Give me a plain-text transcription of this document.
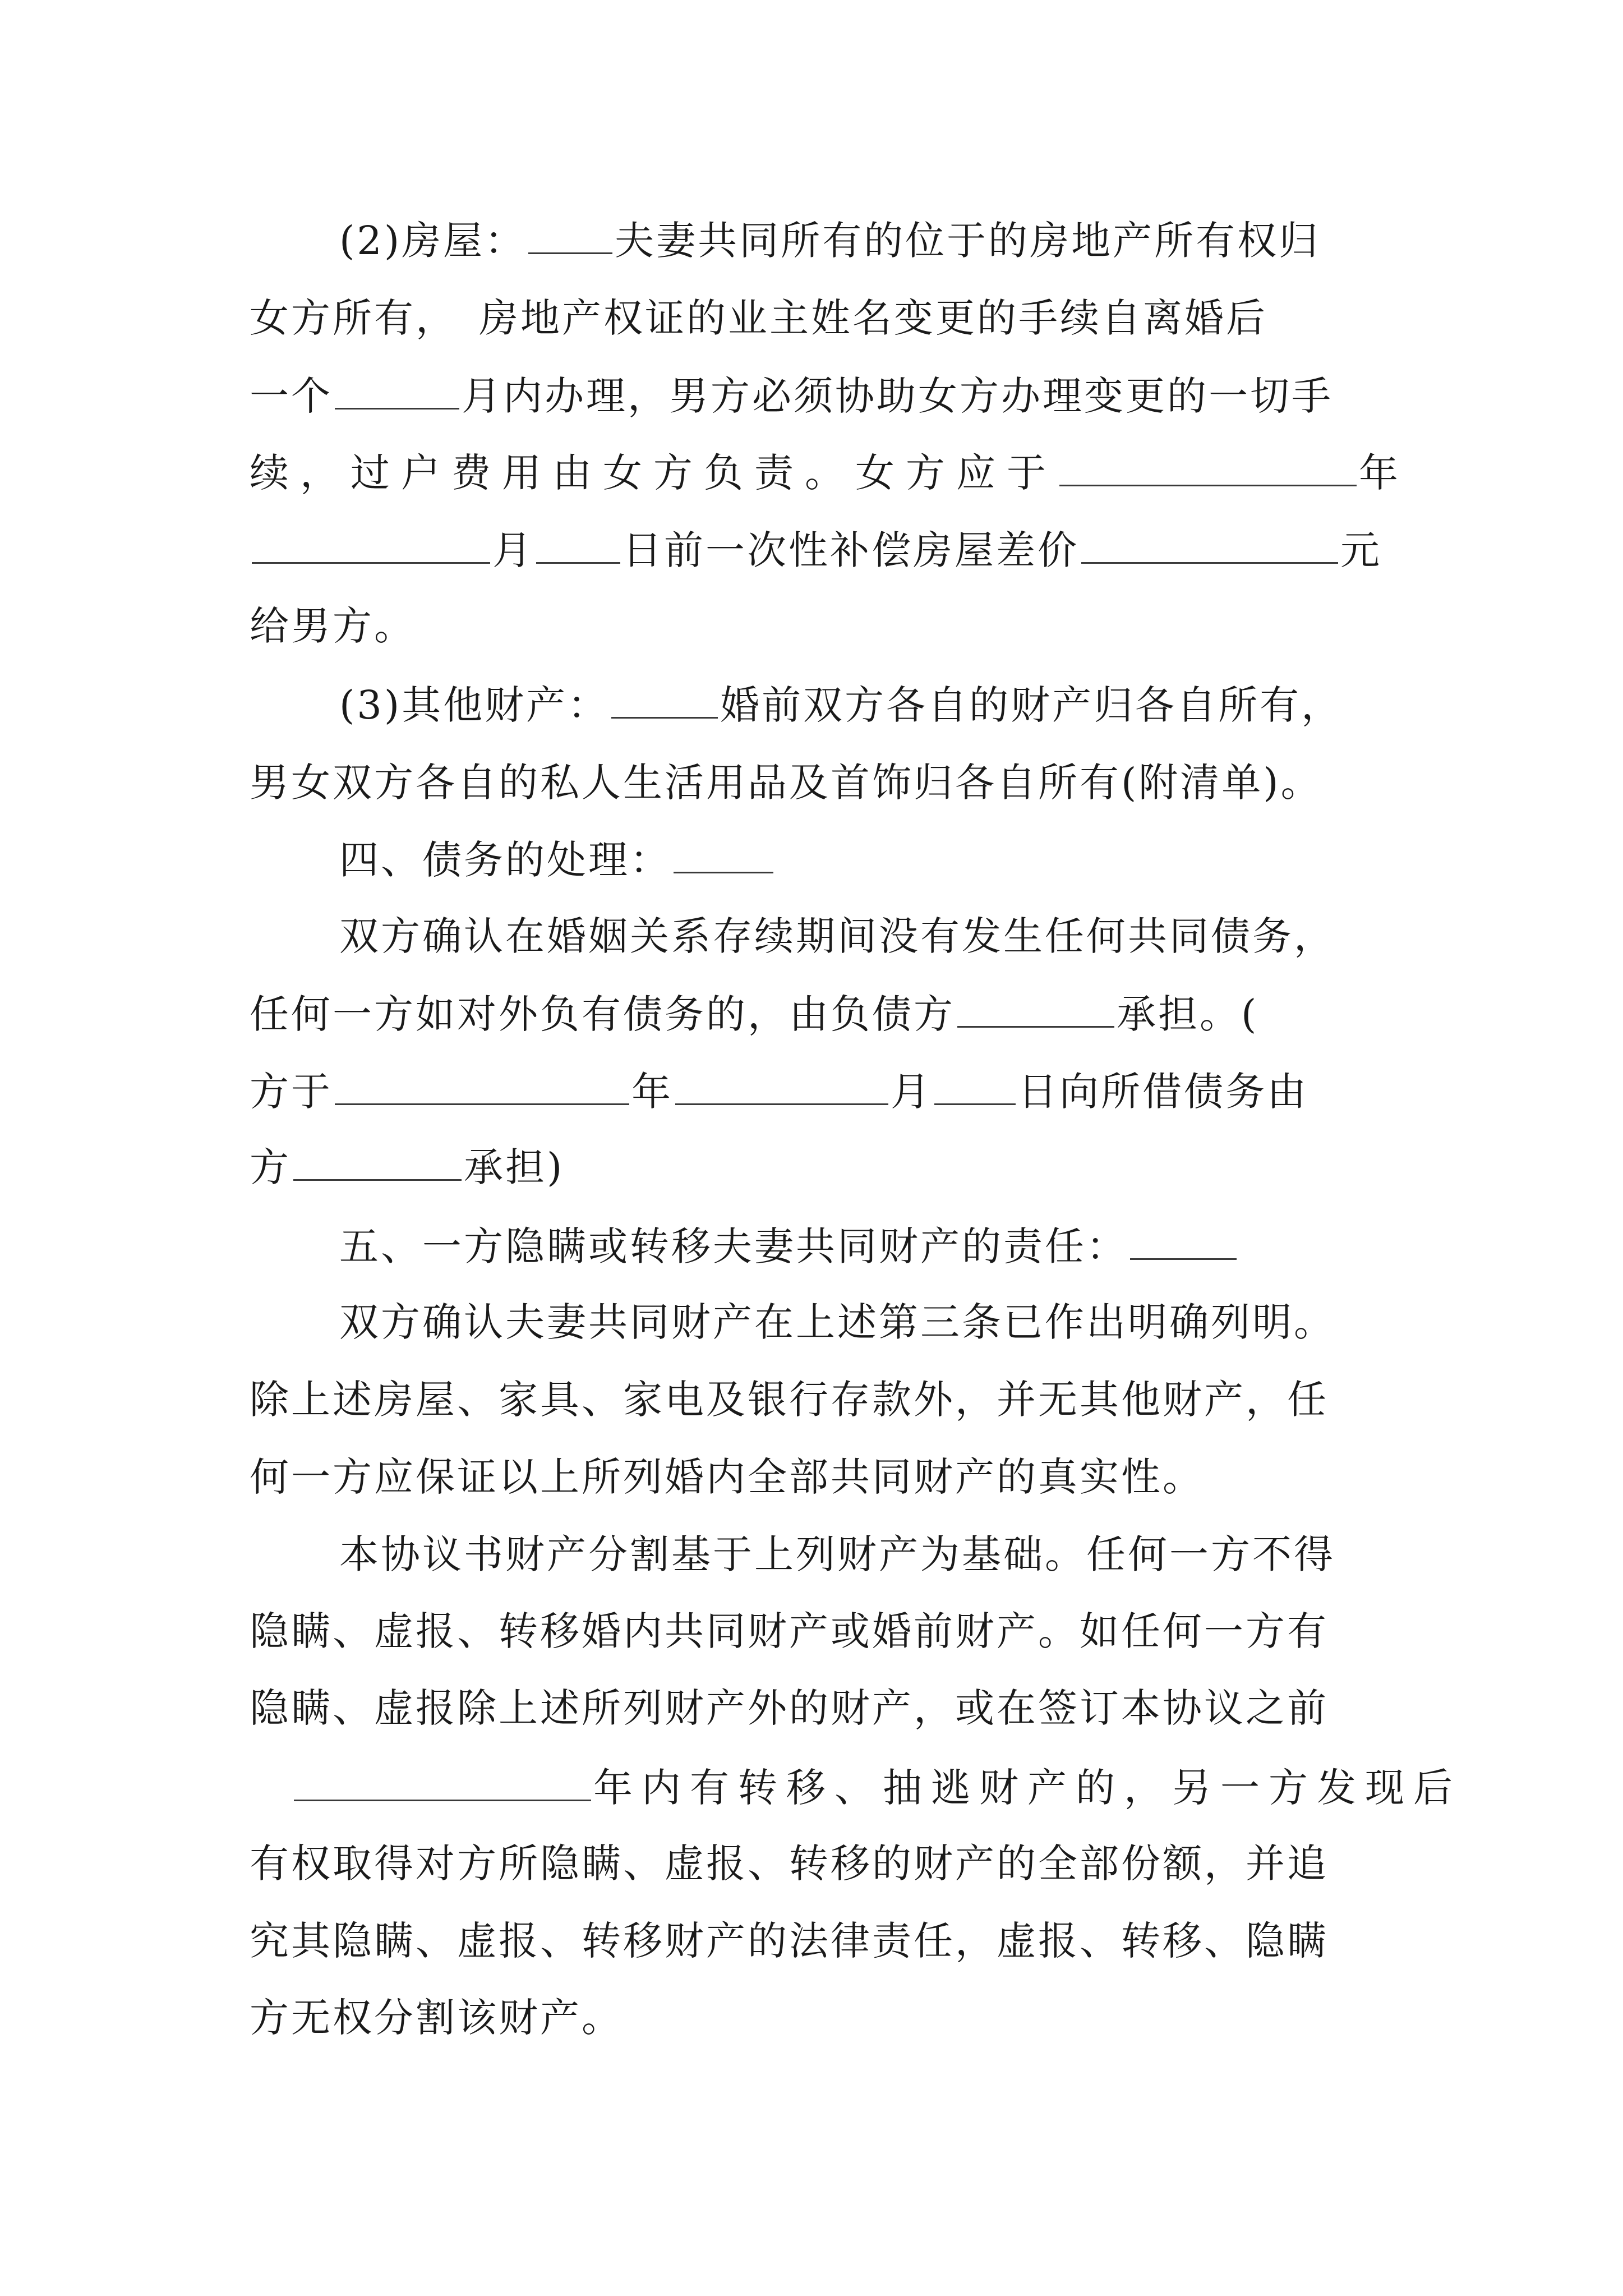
(2)房屋： 夫妻共同所有的位于的房地产所有权归
女方所有，　房地产权证的业主姓名变更的手续自离婚后
一个	月内办理，男方必须协助女方办理变更的一切手
续，过户费用由女方负责。女方应于	年
月 日前一次性补偿房屋差价	元
给男方。
(3)其他财产：	婚前双方各自的财产归各自所有，
男女双方各自的私人生活用品及首饰归各自所有(附清单)。
四、债务的处理：
双方确认在婚姻关系存续期间没有发生任何共同债务，
任何一方如对外负有债务的，由负债方	承担。(
方于	年	月 日向所借债务由
方	承担)
五、一方隐瞒或转移夫妻共同财产的责任：
双方确认夫妻共同财产在上述第三条已作出明确列明。
除上述房屋、家具、家电及银行存款外，并无其他财产，任
何一方应保证以上所列婚内全部共同财产的真实性。
本协议书财产分割基于上列财产为基础。任何一方不得
隐瞒、虚报、转移婚内共同财产或婚前财产。如任何一方有
隐瞒、虚报除上述所列财产外的财产，或在签订本协议之前
年内有转移、抽逃财产的，另一方发现后
有权取得对方所隐瞒、虚报、转移的财产的全部份额，并追
究其隐瞒、虚报、转移财产的法律责任，虚报、转移、隐瞒
方无权分割该财产。
